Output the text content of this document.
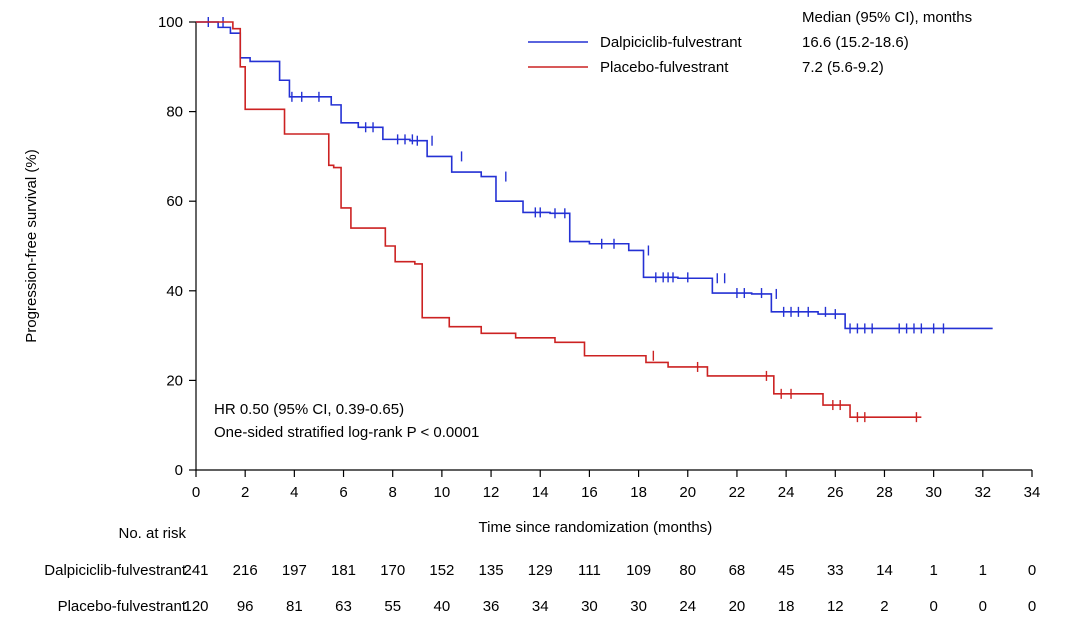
0
20
40
60
80
100
0	2	4	6	8 10 12 14 16 18 20 22 24 26 28 30 32 34
Progression-free survival (%)
Time since randomization (months)
Median (95% CI), months
Dalpiciclib-fulvestrant	16.6 (15.2-18.6)
Placebo-fulvestrant	7.2 (5.6-9.2)
HR 0.50 (95% CI, 0.39-0.65)
One-sided stratified log-rank P < 0.0001
No. at risk
Dalpiciclib-fulvestrant
241 216 197 181 170 152 135 129 111 109 80 68 45 33 14 1	1	0
Placebo-fulvestrant
120 96 81 63 55 40 36 34 30 30 24 20 18 12 2	0	0	0
